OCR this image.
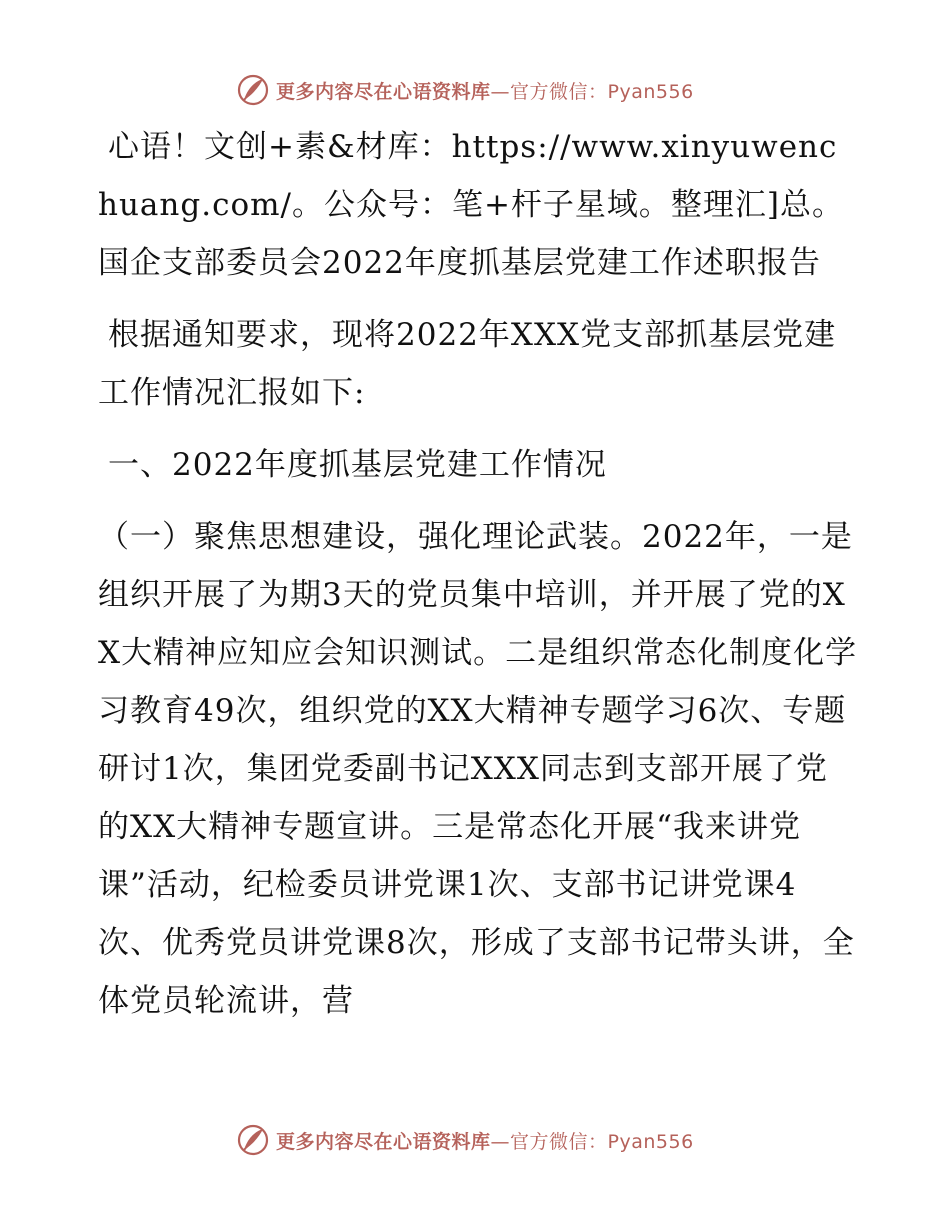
更多内容尽在心语资料库—官方微信：Pyan556

心语！文创+素&材库：https://www.xinyuwenchuang.com/。公众号：笔+杆子星域。整理汇]总。国企支部委员会2022年度抓基层党建工作述职报告

根据通知要求，现将2022年XXX党支部抓基层党建工作情况汇报如下:

一、2022年度抓基层党建工作情况

（一）聚焦思想建设，强化理论武装。2022年，一是组织开展了为期3天的党员集中培训，并开展了党的XX大精神应知应会知识测试。二是组织常态化制度化学习教育49次，组织党的XX大精神专题学习6次、专题研讨1次，集团党委副书记XXX同志到支部开展了党的XX大精神专题宣讲。三是常态化开展“我来讲党课”活动，纪检委员讲党课1次、支部书记讲党课4次、优秀党员讲党课8次，形成了支部书记带头讲，全体党员轮流讲，营

更多内容尽在心语资料库—官方微信：Pyan556
